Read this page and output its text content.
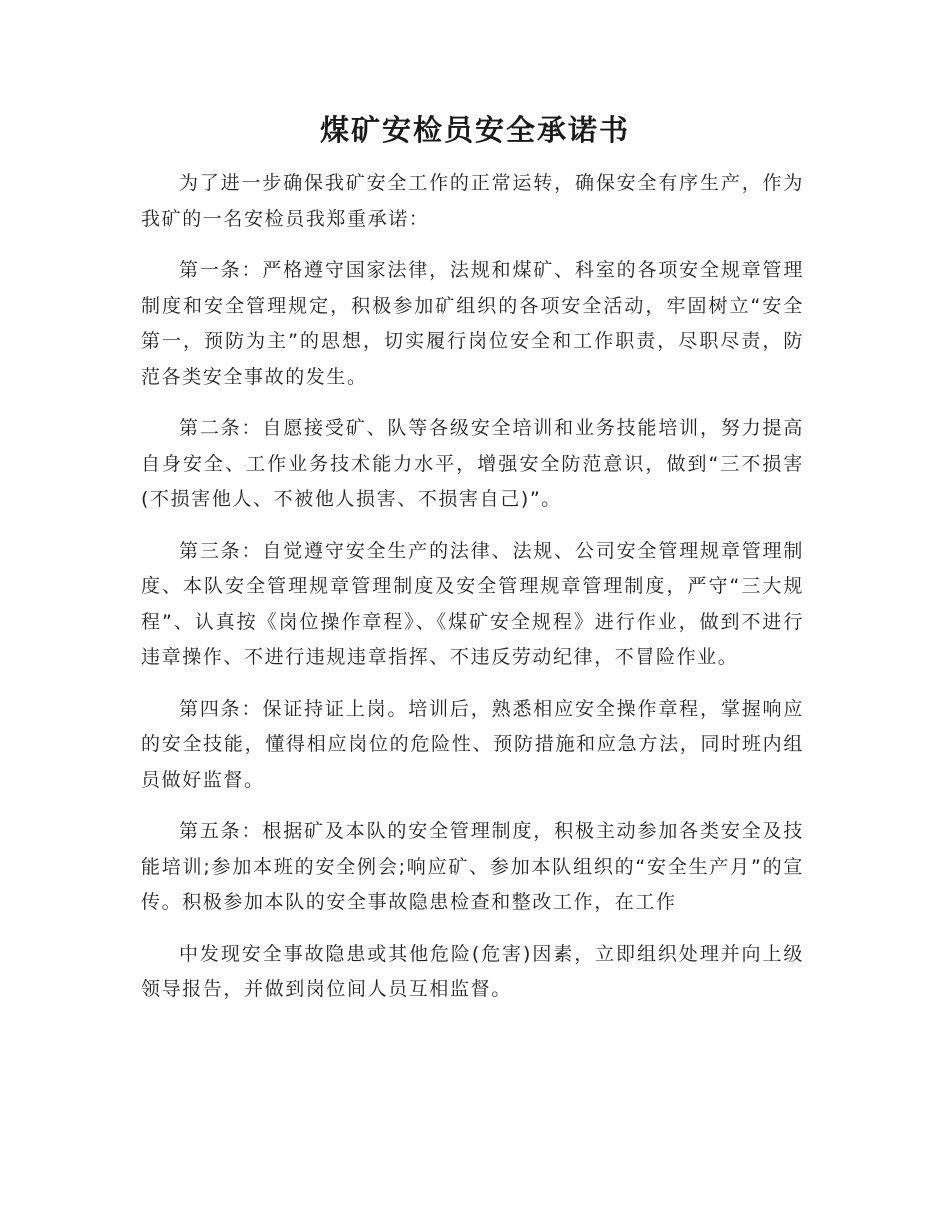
煤矿安检员安全承诺书

为了进一步确保我矿安全工作的正常运转，确保安全有序生产，作为我矿的一名安检员我郑重承诺：

第一条：严格遵守国家法律，法规和煤矿、科室的各项安全规章管理制度和安全管理规定，积极参加矿组织的各项安全活动，牢固树立“安全第一，预防为主”的思想，切实履行岗位安全和工作职责，尽职尽责，防范各类安全事故的发生。

第二条：自愿接受矿、队等各级安全培训和业务技能培训，努力提高自身安全、工作业务技术能力水平，增强安全防范意识，做到“三不损害(不损害他人、不被他人损害、不损害自己)”。

第三条：自觉遵守安全生产的法律、法规、公司安全管理规章管理制度、本队安全管理规章管理制度及安全管理规章管理制度，严守“三大规程”、认真按《岗位操作章程》、《煤矿安全规程》进行作业，做到不进行违章操作、不进行违规违章指挥、不违反劳动纪律，不冒险作业。

第四条：保证持证上岗。培训后，熟悉相应安全操作章程，掌握响应的安全技能，懂得相应岗位的危险性、预防措施和应急方法，同时班内组员做好监督。

第五条：根据矿及本队的安全管理制度，积极主动参加各类安全及技能培训;参加本班的安全例会;响应矿、参加本队组织的“安全生产月”的宣传。积极参加本队的安全事故隐患检查和整改工作，在工作

中发现安全事故隐患或其他危险(危害)因素，立即组织处理并向上级领导报告，并做到岗位间人员互相监督。
